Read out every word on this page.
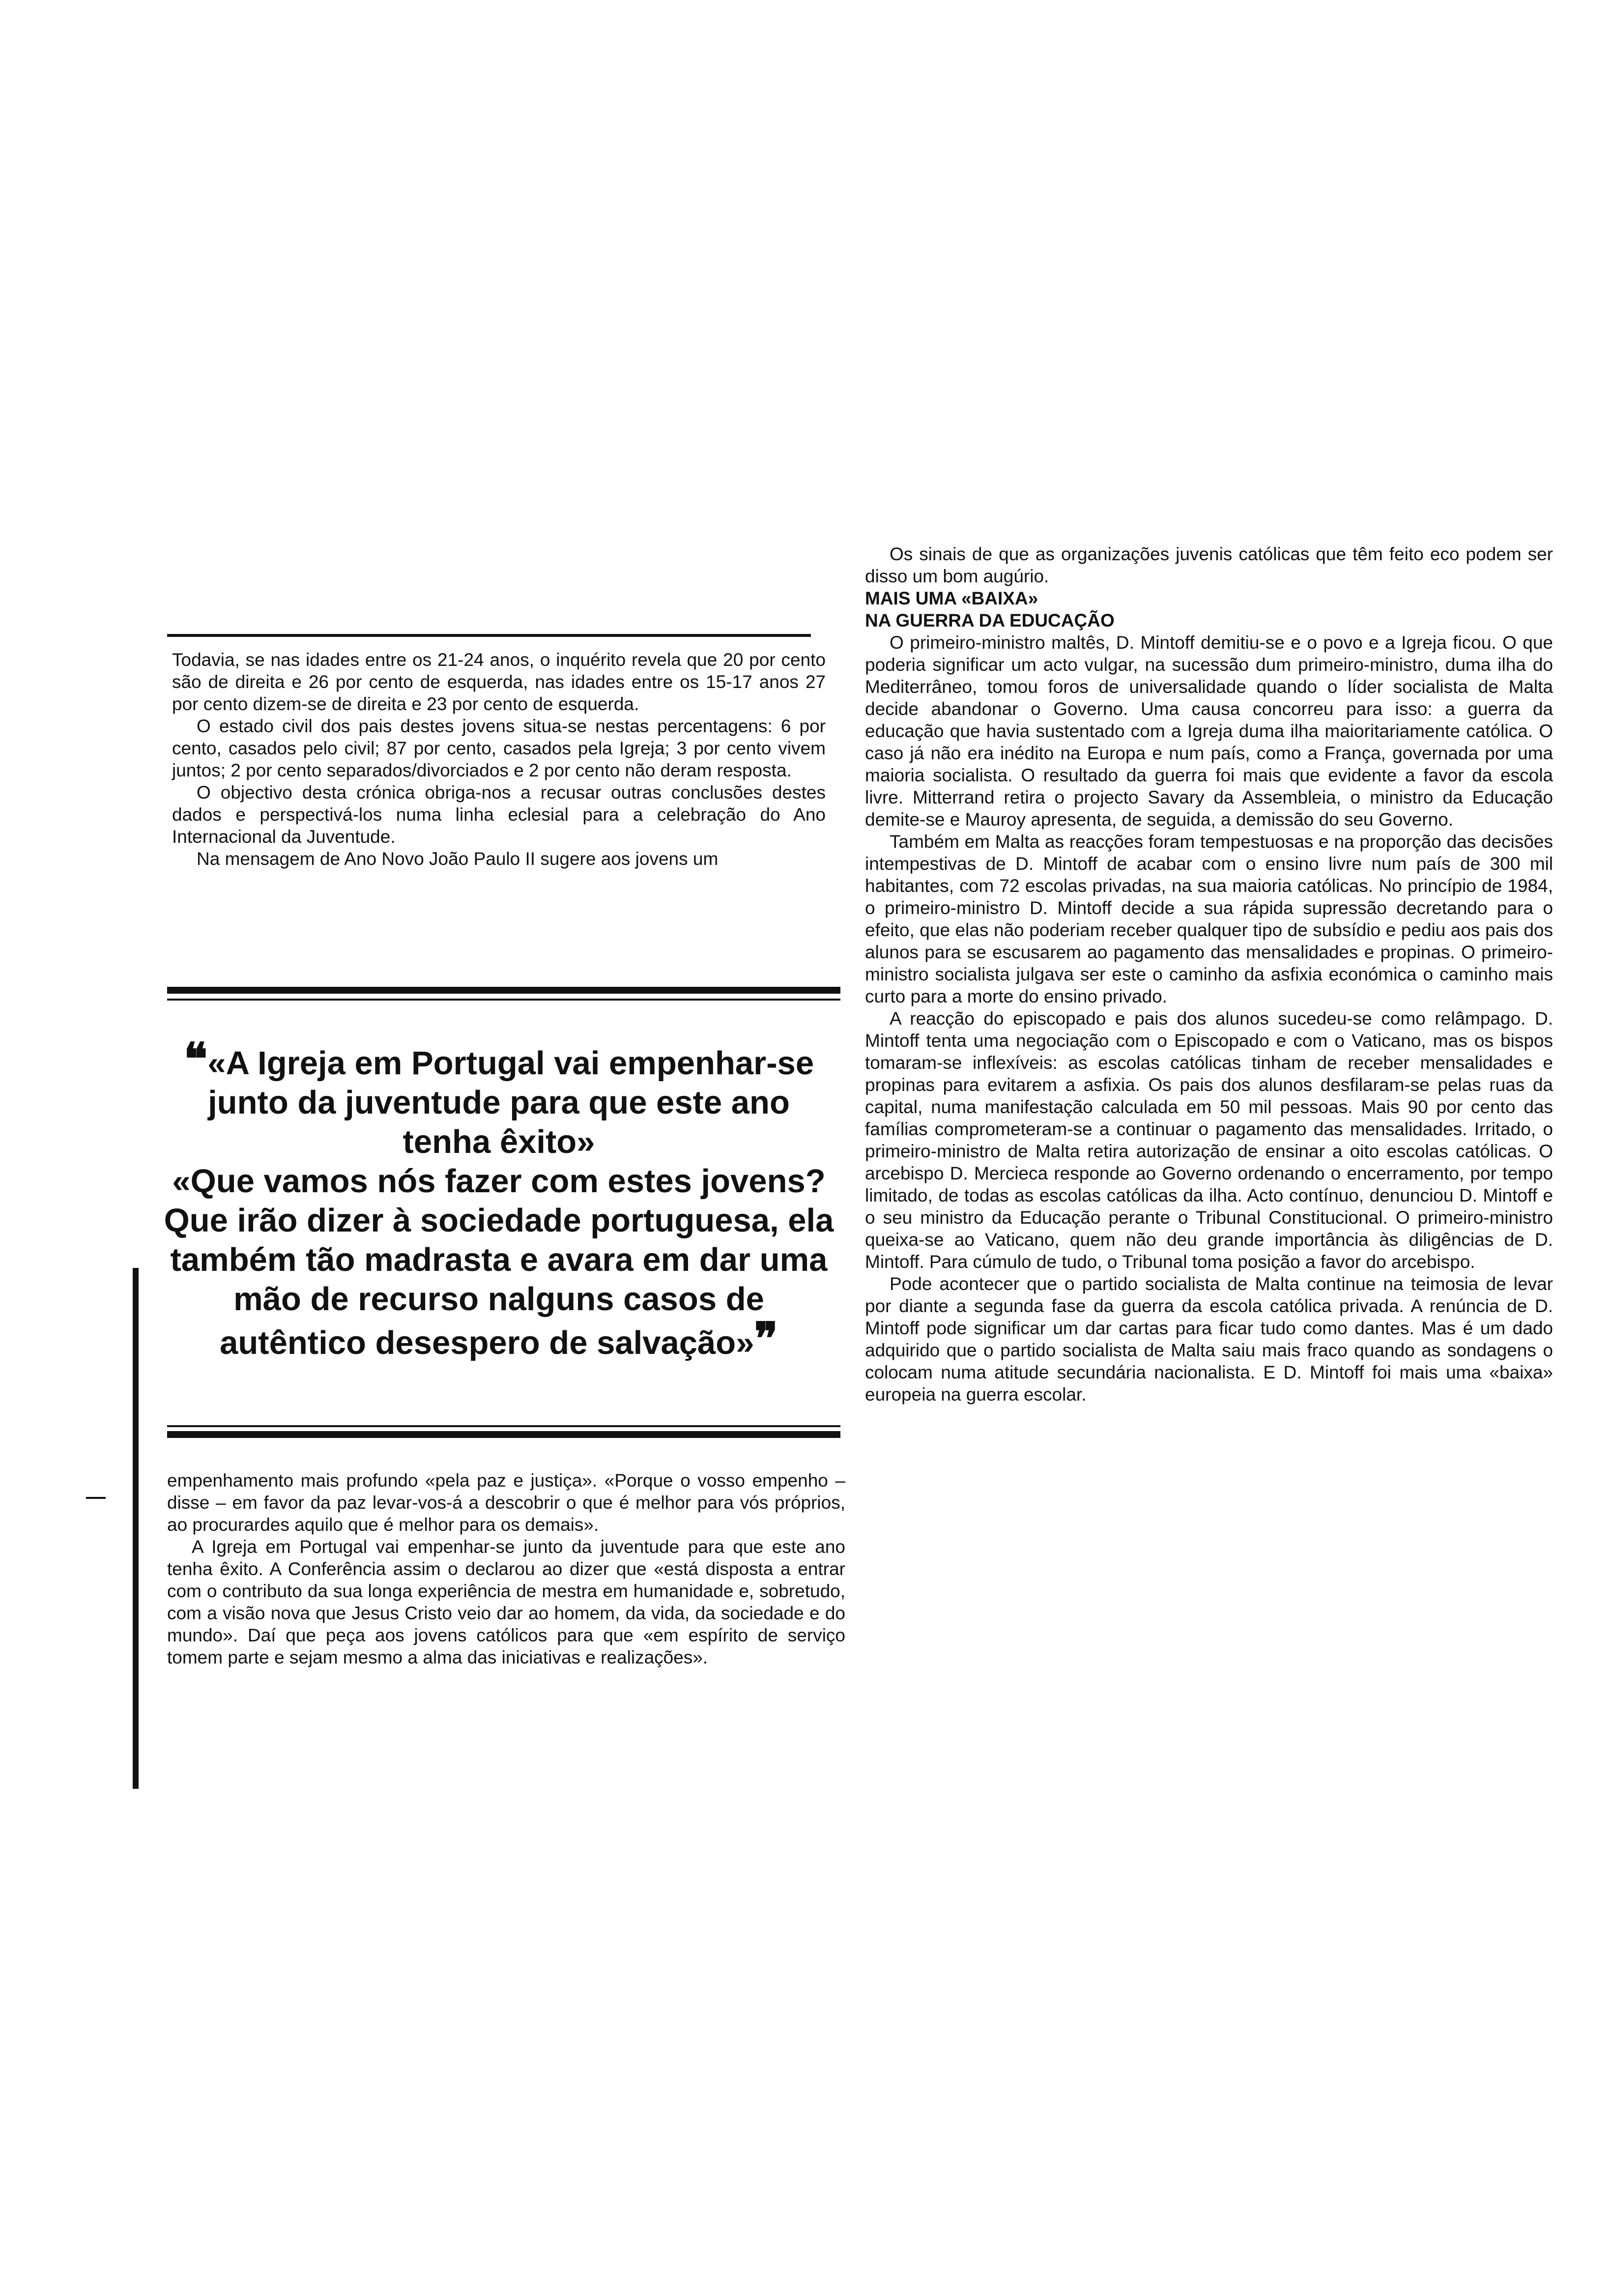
Todavia, se nas idades entre os 21-24 anos, o inquérito revela que 20 por cento são de direita e 26 por cento de esquerda, nas idades entre os 15-17 anos 27 por cento dizem-se de direita e 23 por cento de esquerda.

O estado civil dos pais destes jovens situa-se nestas percentagens: 6 por cento, casados pelo civil; 87 por cento, casados pela Igreja; 3 por cento vivem juntos; 2 por cento separados/divorciados e 2 por cento não deram resposta.

O objectivo desta crónica obriga-nos a recusar outras conclusões destes dados e perspectivá-los numa linha eclesial para a celebração do Ano Internacional da Juventude.

Na mensagem de Ano Novo João Paulo II sugere aos jovens um

❝«A Igreja em Portugal vai empenhar-se junto da juventude para que este ano tenha êxito»
«Que vamos nós fazer com estes jovens?
Que irão dizer à sociedade portuguesa, ela também tão madrasta e avara em dar uma mão de recurso nalguns casos de autêntico desespero de salvação»❞

empenhamento mais profundo «pela paz e justiça». «Porque o vosso empenho – disse – em favor da paz levar-vos-á a descobrir o que é melhor para vós próprios, ao procurardes aquilo que é melhor para os demais».

A Igreja em Portugal vai empenhar-se junto da juventude para que este ano tenha êxito. A Conferência assim o declarou ao dizer que «está disposta a entrar com o contributo da sua longa experiência de mestra em humanidade e, sobretudo, com a visão nova que Jesus Cristo veio dar ao homem, da vida, da sociedade e do mundo». Daí que peça aos jovens católicos para que «em espírito de serviço tomem parte e sejam mesmo a alma das iniciativas e realizações».

Os sinais de que as organizações juvenis católicas que têm feito eco podem ser disso um bom augúrio.

MAIS UMA «BAIXA»

NA GUERRA DA EDUCAÇÃO

O primeiro-ministro maltês, D. Mintoff demitiu-se e o povo e a Igreja ficou. O que poderia significar um acto vulgar, na sucessão dum primeiro-ministro, duma ilha do Mediterrâneo, tomou foros de universalidade quando o líder socialista de Malta decide abandonar o Governo. Uma causa concorreu para isso: a guerra da educação que havia sustentado com a Igreja duma ilha maioritariamente católica. O caso já não era inédito na Europa e num país, como a França, governada por uma maioria socialista. O resultado da guerra foi mais que evidente a favor da escola livre. Mitterrand retira o projecto Savary da Assembleia, o ministro da Educação demite-se e Mauroy apresenta, de seguida, a demissão do seu Governo.

Também em Malta as reacções foram tempestuosas e na proporção das decisões intempestivas de D. Mintoff de acabar com o ensino livre num país de 300 mil habitantes, com 72 escolas privadas, na sua maioria católicas. No princípio de 1984, o primeiro-ministro D. Mintoff decide a sua rápida supressão decretando para o efeito, que elas não poderiam receber qualquer tipo de subsídio e pediu aos pais dos alunos para se escusarem ao pagamento das mensalidades e propinas. O primeiro-ministro socialista julgava ser este o caminho da asfixia económica o caminho mais curto para a morte do ensino privado.

A reacção do episcopado e pais dos alunos sucedeu-se como relâmpago. D. Mintoff tenta uma negociação com o Episcopado e com o Vaticano, mas os bispos tomaram-se inflexíveis: as escolas católicas tinham de receber mensalidades e propinas para evitarem a asfixia. Os pais dos alunos desfilaram-se pelas ruas da capital, numa manifestação calculada em 50 mil pessoas. Mais 90 por cento das famílias comprometeram-se a continuar o pagamento das mensalidades. Irritado, o primeiro-ministro de Malta retira autorização de ensinar a oito escolas católicas. O arcebispo D. Mercieca responde ao Governo ordenando o encerramento, por tempo limitado, de todas as escolas católicas da ilha. Acto contínuo, denunciou D. Mintoff e o seu ministro da Educação perante o Tribunal Constitucional. O primeiro-ministro queixa-se ao Vaticano, quem não deu grande importância às diligências de D. Mintoff. Para cúmulo de tudo, o Tribunal toma posição a favor do arcebispo.

Pode acontecer que o partido socialista de Malta continue na teimosia de levar por diante a segunda fase da guerra da escola católica privada. A renúncia de D. Mintoff pode significar um dar cartas para ficar tudo como dantes. Mas é um dado adquirido que o partido socialista de Malta saiu mais fraco quando as sondagens o colocam numa atitude secundária nacionalista. E D. Mintoff foi mais uma «baixa» europeia na guerra escolar.
